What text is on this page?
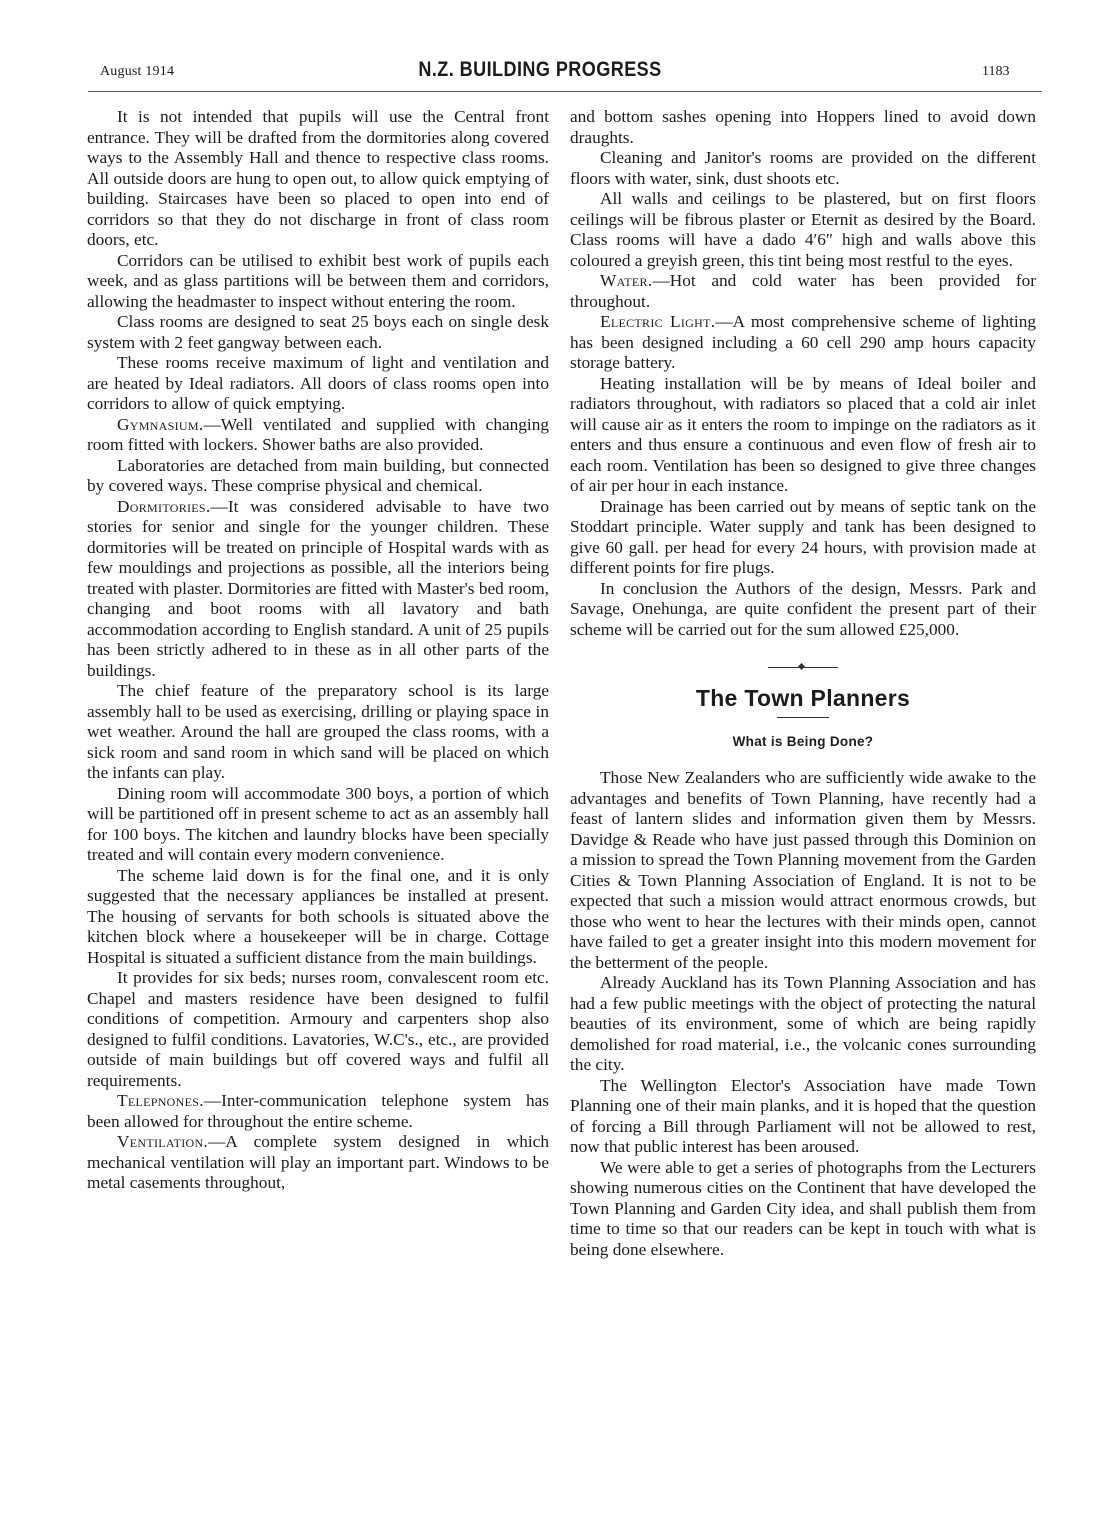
August 1914	N.Z. BUILDING PROGRESS	1183

It is not intended that pupils will use the Central front entrance. They will be drafted from the dormitories along covered ways to the Assembly Hall and thence to respective class rooms. All outside doors are hung to open out, to allow quick emptying of building. Staircases have been so placed to open into end of corridors so that they do not discharge in front of class room doors, etc.

Corridors can be utilised to exhibit best work of pupils each week, and as glass partitions will be between them and corridors, allowing the headmaster to inspect without entering the room.

Class rooms are designed to seat 25 boys each on single desk system with 2 feet gangway between each.

These rooms receive maximum of light and ventilation and are heated by Ideal radiators. All doors of class rooms open into corridors to allow of quick emptying.

Gymnasium.—Well ventilated and supplied with changing room fitted with lockers. Shower baths are also provided.

Laboratories are detached from main building, but connected by covered ways. These comprise physical and chemical.

Dormitories.—It was considered advisable to have two stories for senior and single for the younger children. These dormitories will be treated on principle of Hospital wards with as few mouldings and projections as possible, all the interiors being treated with plaster. Dormitories are fitted with Master's bed room, changing and boot rooms with all lavatory and bath accommodation according to English standard. A unit of 25 pupils has been strictly adhered to in these as in all other parts of the buildings.

The chief feature of the preparatory school is its large assembly hall to be used as exercising, drilling or playing space in wet weather. Around the hall are grouped the class rooms, with a sick room and sand room in which sand will be placed on which the infants can play.

Dining room will accommodate 300 boys, a portion of which will be partitioned off in present scheme to act as an assembly hall for 100 boys. The kitchen and laundry blocks have been specially treated and will contain every modern convenience.

The scheme laid down is for the final one, and it is only suggested that the necessary appliances be installed at present. The housing of servants for both schools is situated above the kitchen block where a housekeeper will be in charge. Cottage Hospital is situated a sufficient distance from the main buildings.

It provides for six beds; nurses room, convalescent room etc. Chapel and masters residence have been designed to fulfil conditions of competition. Armoury and carpenters shop also designed to fulfil conditions. Lavatories, W.C's., etc., are provided outside of main buildings but off covered ways and fulfil all requirements.

Telepnones.—Inter-communication telephone system has been allowed for throughout the entire scheme.

Ventilation.—A complete system designed in which mechanical ventilation will play an important part. Windows to be metal casements throughout,

and bottom sashes opening into Hoppers lined to avoid down draughts.

Cleaning and Janitor's rooms are provided on the different floors with water, sink, dust shoots etc.

All walls and ceilings to be plastered, but on first floors ceilings will be fibrous plaster or Eternit as desired by the Board. Class rooms will have a dado 4′6″ high and walls above this coloured a greyish green, this tint being most restful to the eyes.

Water.—Hot and cold water has been provided for throughout.

Electric Light.—A most comprehensive scheme of lighting has been designed including a 60 cell 290 amp hours capacity storage battery.

Heating installation will be by means of Ideal boiler and radiators throughout, with radiators so placed that a cold air inlet will cause air as it enters the room to impinge on the radiators as it enters and thus ensure a continuous and even flow of fresh air to each room. Ventilation has been so designed to give three changes of air per hour in each instance.

Drainage has been carried out by means of septic tank on the Stoddart principle. Water supply and tank has been designed to give 60 gall. per head for every 24 hours, with provision made at different points for fire plugs.

In conclusion the Authors of the design, Messrs. Park and Savage, Onehunga, are quite confident the present part of their scheme will be carried out for the sum allowed £25,000.

The Town Planners
What is Being Done?

Those New Zealanders who are sufficiently wide awake to the advantages and benefits of Town Planning, have recently had a feast of lantern slides and information given them by Messrs. Davidge & Reade who have just passed through this Dominion on a mission to spread the Town Planning movement from the Garden Cities & Town Planning Association of England. It is not to be expected that such a mission would attract enormous crowds, but those who went to hear the lectures with their minds open, cannot have failed to get a greater insight into this modern movement for the betterment of the people.

Already Auckland has its Town Planning Association and has had a few public meetings with the object of protecting the natural beauties of its environment, some of which are being rapidly demolished for road material, i.e., the volcanic cones surrounding the city.

The Wellington Elector's Association have made Town Planning one of their main planks, and it is hoped that the question of forcing a Bill through Parliament will not be allowed to rest, now that public interest has been aroused.

We were able to get a series of photographs from the Lecturers showing numerous cities on the Continent that have developed the Town Planning and Garden City idea, and shall publish them from time to time so that our readers can be kept in touch with what is being done elsewhere.
